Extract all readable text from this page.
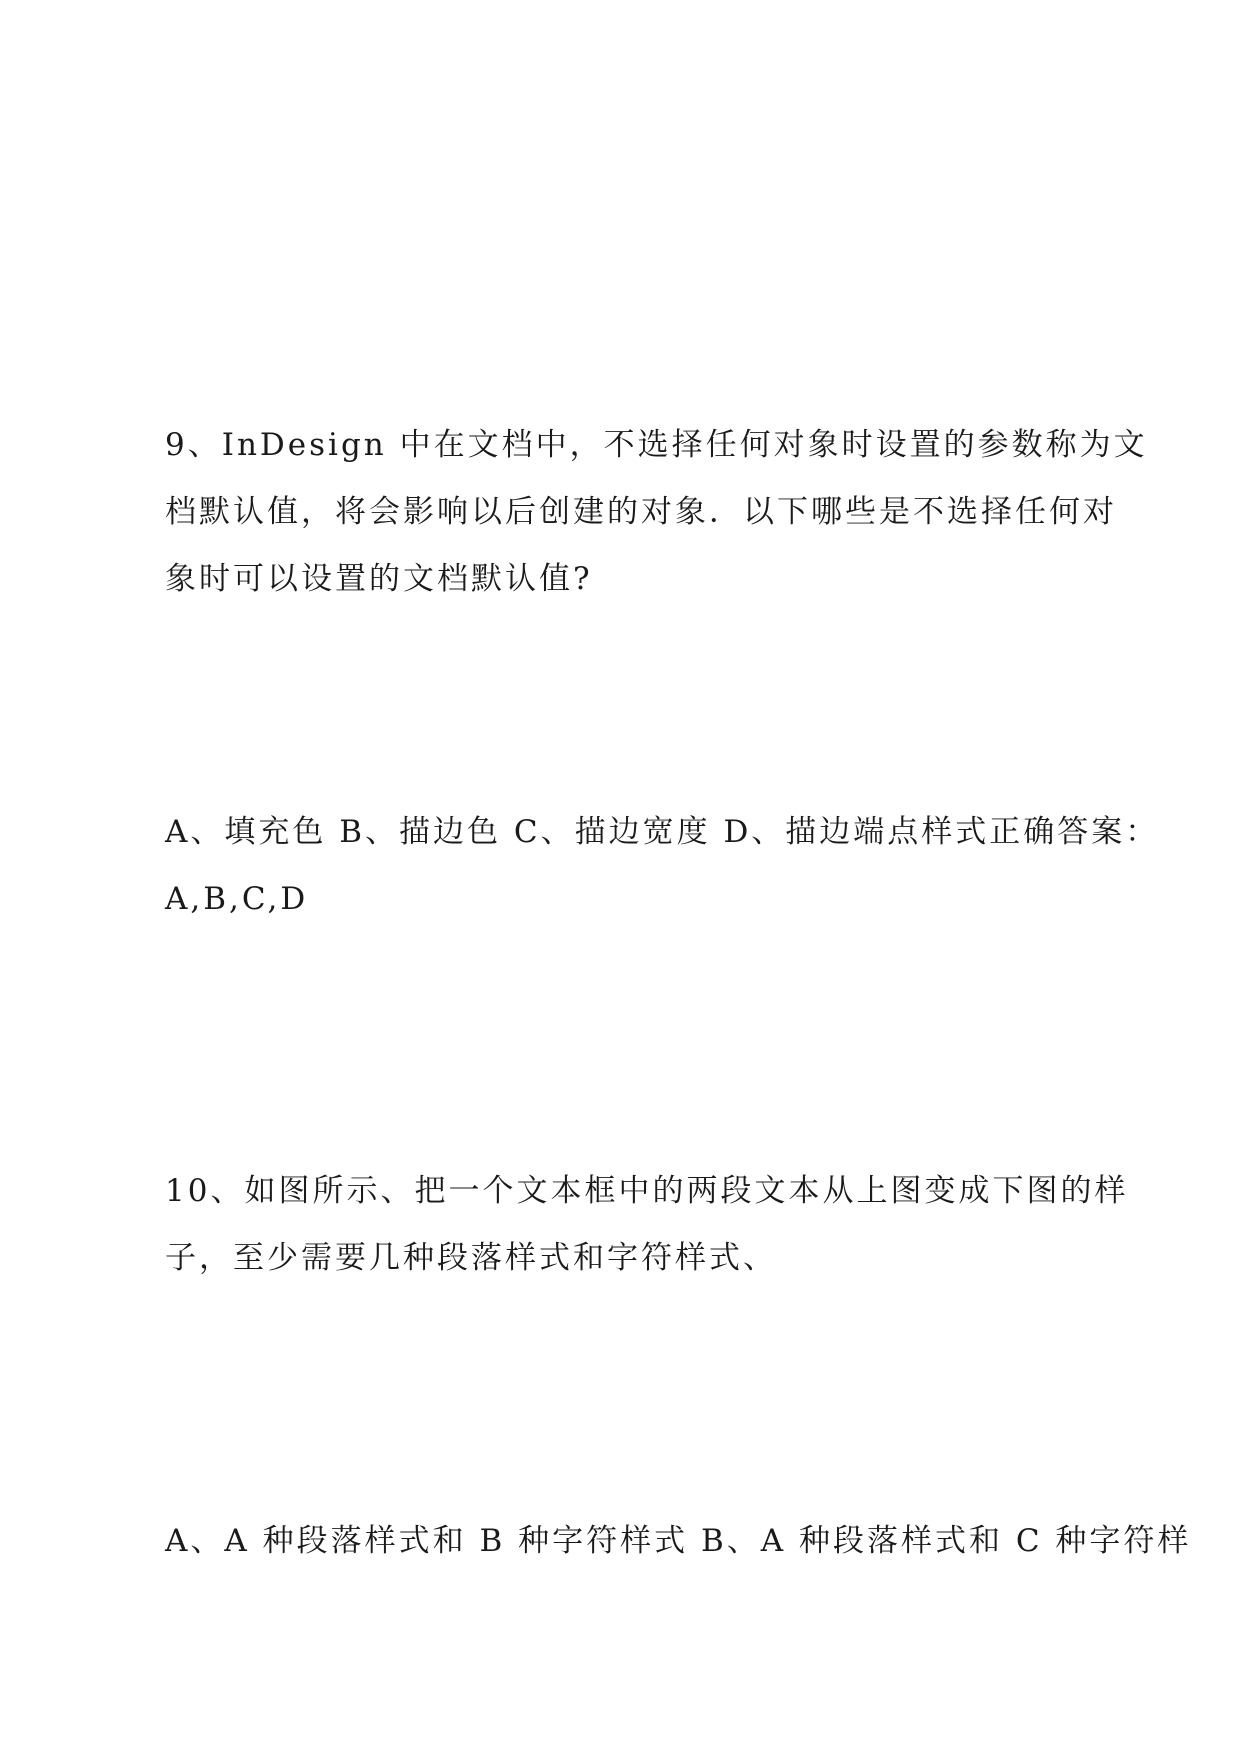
9、InDesign 中在文档中，不选择任何对象时设置的参数称为文
档默认值，将会影响以后创建的对象．以下哪些是不选择任何对
象时可以设置的文档默认值?
A、填充色 B、描边色 C、描边宽度 D、描边端点样式正确答案：
A,B,C,D
10、如图所示、把一个文本框中的两段文本从上图变成下图的样
子，至少需要几种段落样式和字符样式、
A、A 种段落样式和 B 种字符样式 B、A 种段落样式和 C 种字符样
